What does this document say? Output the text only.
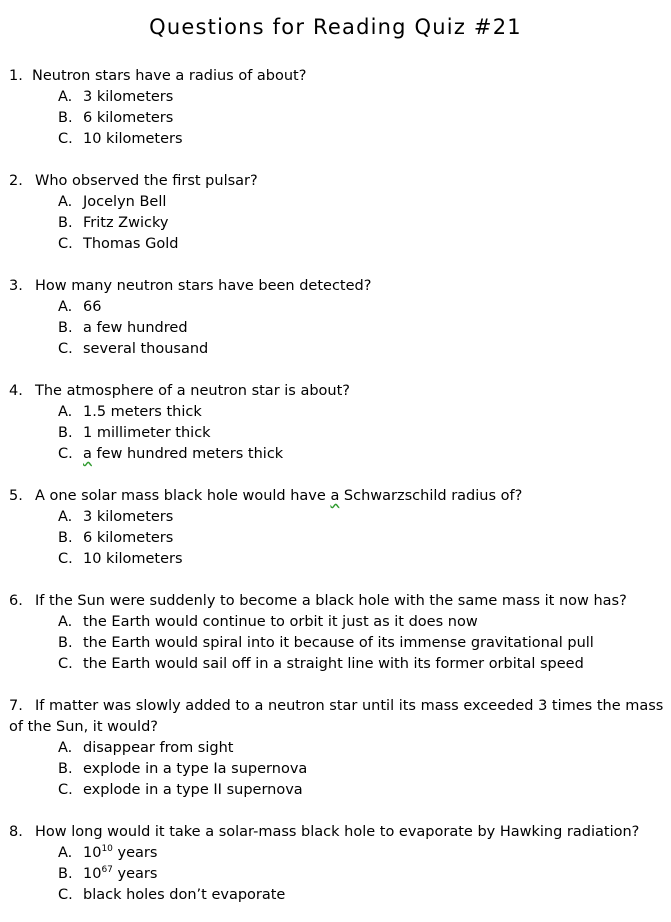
Questions for Reading Quiz #21
1. Neutron stars have a radius of about?
A. 3 kilometers
B. 6 kilometers
C. 10 kilometers
2. Who observed the first pulsar?
A. Jocelyn Bell
B. Fritz Zwicky
C. Thomas Gold
3. How many neutron stars have been detected?
A. 66
B. a few hundred
C. several thousand
4. The atmosphere of a neutron star is about?
A. 1.5 meters thick
B. 1 millimeter thick
C. a few hundred meters thick
5. A one solar mass black hole would have a Schwarzschild radius of?
A. 3 kilometers
B. 6 kilometers
C. 10 kilometers
6. If the Sun were suddenly to become a black hole with the same mass it now has?
A. the Earth would continue to orbit it just as it does now
B. the Earth would spiral into it because of its immense gravitational pull
C. the Earth would sail off in a straight line with its former orbital speed
7. If matter was slowly added to a neutron star until its mass exceeded 3 times the mass
of the Sun, it would?
A. disappear from sight
B. explode in a type Ia supernova
C. explode in a type II supernova
8. How long would it take a solar-mass black hole to evaporate by Hawking radiation?
A. $10^{10}$ years
B. $10^{67}$ years
C. black holes don’t evaporate
